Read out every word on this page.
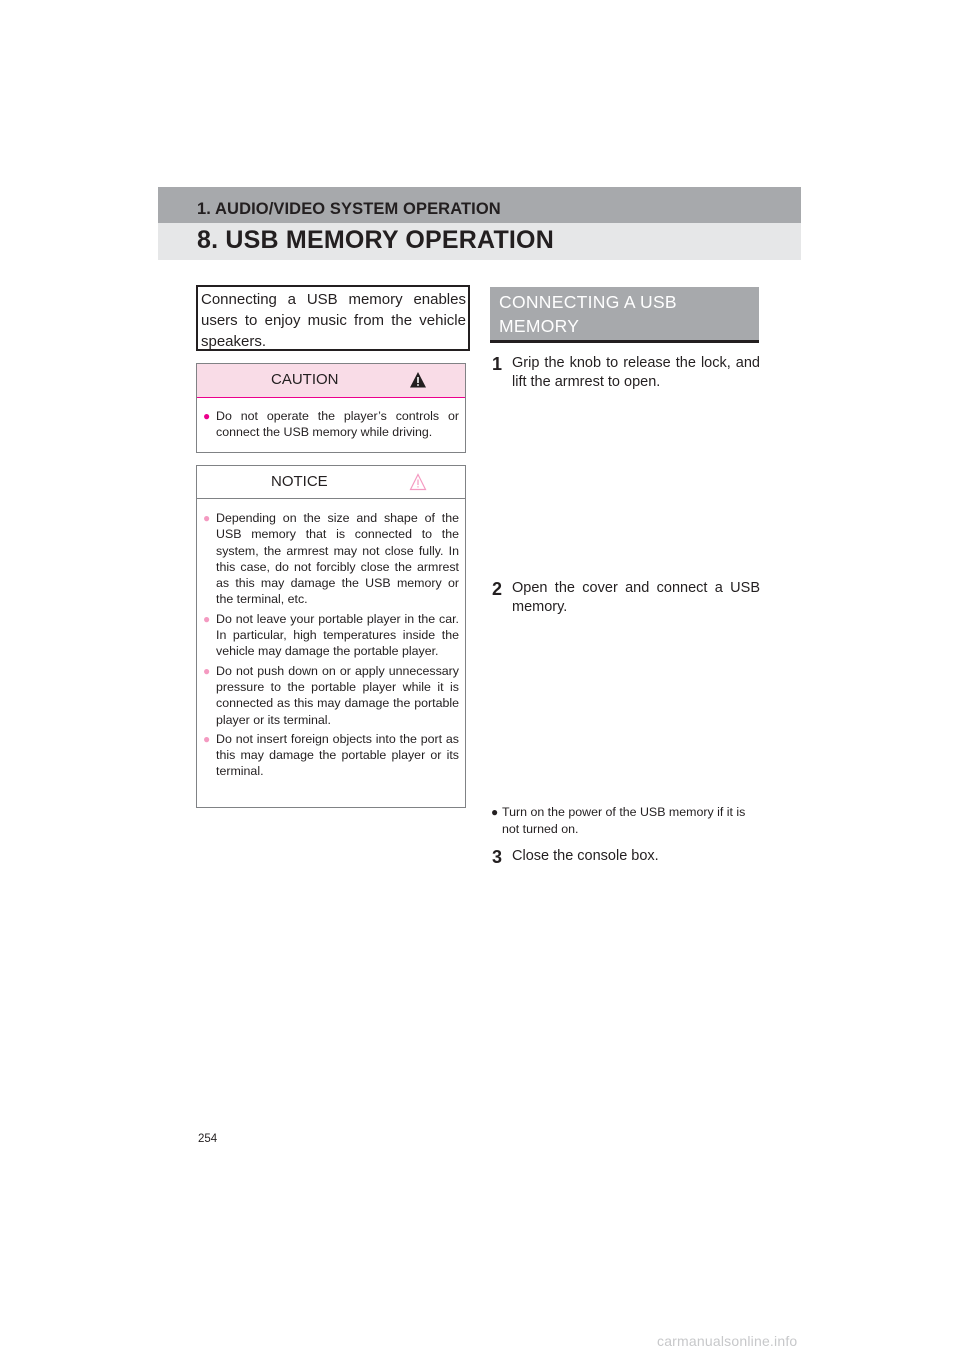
1. AUDIO/VIDEO SYSTEM OPERATION
8. USB MEMORY OPERATION

Connecting a USB memory enables users to enjoy music from the vehicle speakers.

CAUTION
● Do not operate the player’s controls or connect the USB memory while driving.
NOTICE
● Depending on the size and shape of the USB memory that is connected to the system, the armrest may not close fully. In this case, do not forcibly close the armrest as this may damage the USB memory or the terminal, etc.
● Do not leave your portable player in the car. In particular, high temperatures inside the vehicle may damage the portable player.
● Do not push down on or apply unnecessary pressure to the portable player while it is connected as this may damage the portable player or its terminal.
● Do not insert foreign objects into the port as this may damage the portable player or its terminal.
CONNECTING A USB MEMORY
1 Grip the knob to release the lock, and lift the armrest to open.
2 Open the cover and connect a USB memory.
● Turn on the power of the USB memory if it is not turned on.
3 Close the console box.
254
carmanualsonline.info
